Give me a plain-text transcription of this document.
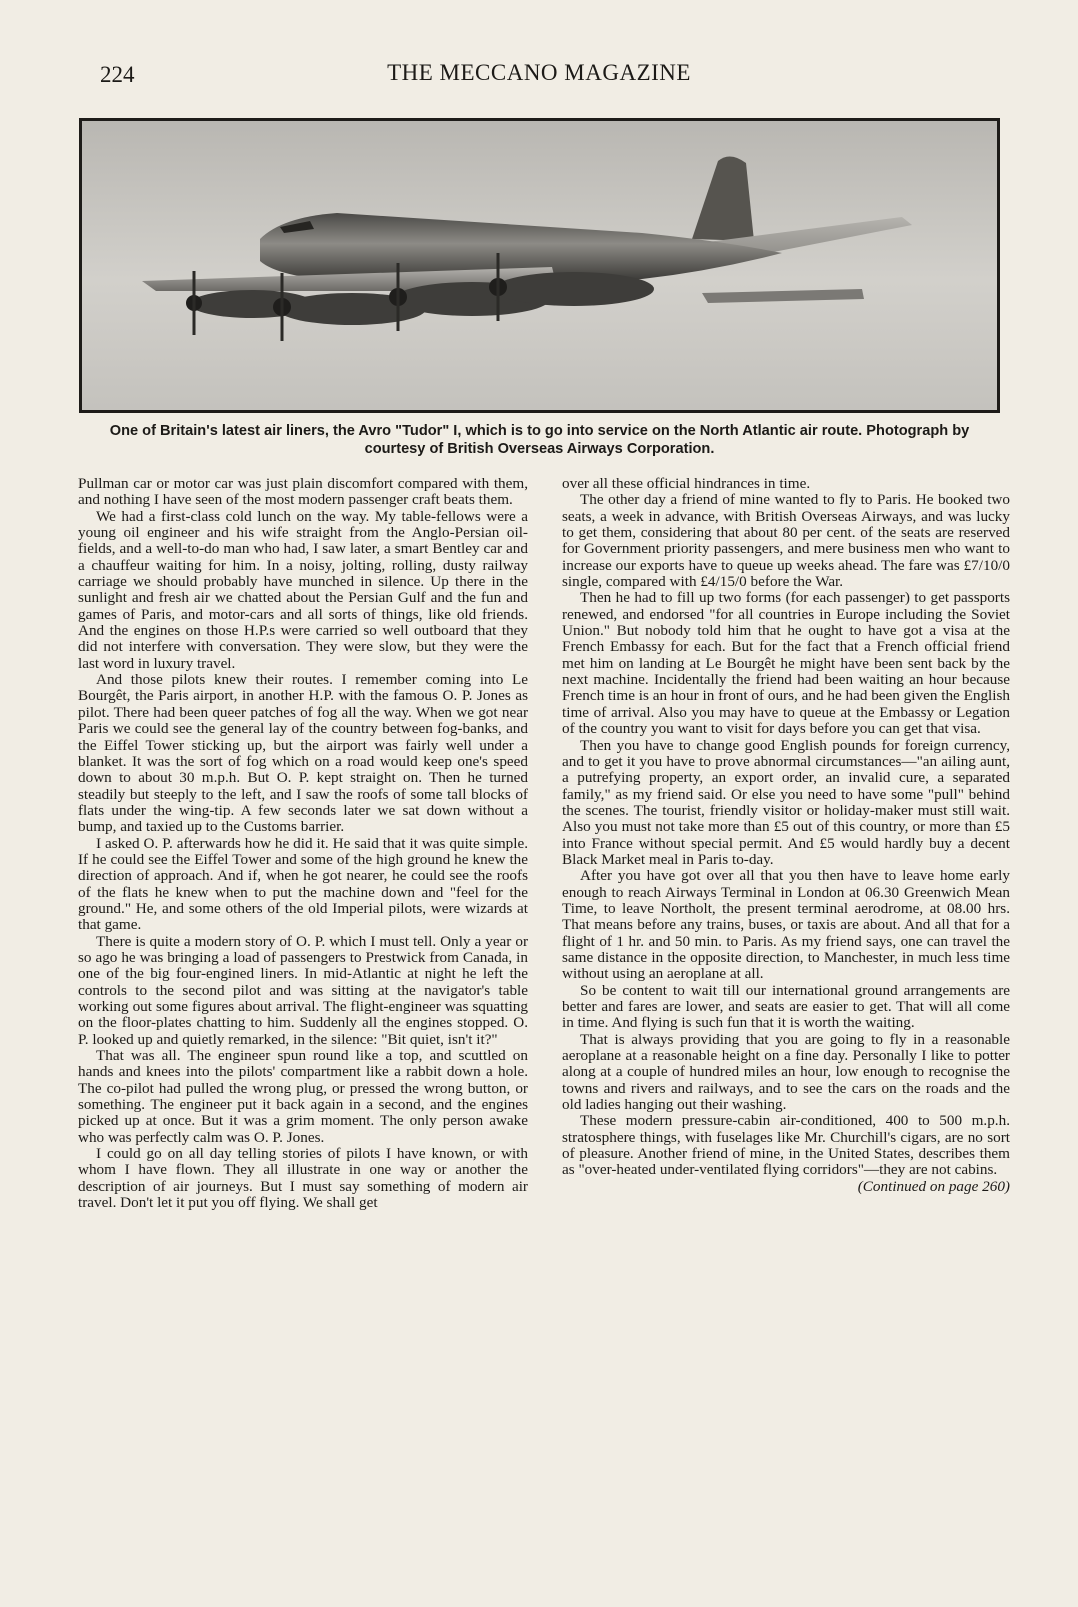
224	THE MECCANO MAGAZINE
One of Britain's latest air liners, the Avro "Tudor" I, which is to go into service on the North Atlantic air route. Photograph by courtesy of British Overseas Airways Corporation.

Pullman car or motor car was just plain discomfort compared with them, and nothing I have seen of the most modern passenger craft beats them.

We had a first-class cold lunch on the way. My table-fellows were a young oil engineer and his wife straight from the Anglo-Persian oil-fields, and a well-to-do man who had, I saw later, a smart Bentley car and a chauffeur waiting for him. In a noisy, jolting, rolling, dusty railway carriage we should probably have munched in silence. Up there in the sunlight and fresh air we chatted about the Persian Gulf and the fun and games of Paris, and motor-cars and all sorts of things, like old friends. And the engines on those H.P.s were carried so well outboard that they did not interfere with conversation. They were slow, but they were the last word in luxury travel.

And those pilots knew their routes. I remember coming into Le Bourgêt, the Paris airport, in another H.P. with the famous O. P. Jones as pilot. There had been queer patches of fog all the way. When we got near Paris we could see the general lay of the country between fog-banks, and the Eiffel Tower sticking up, but the airport was fairly well under a blanket. It was the sort of fog which on a road would keep one's speed down to about 30 m.p.h. But O. P. kept straight on. Then he turned steadily but steeply to the left, and I saw the roofs of some tall blocks of flats under the wing-tip. A few seconds later we sat down without a bump, and taxied up to the Customs barrier.

I asked O. P. afterwards how he did it. He said that it was quite simple. If he could see the Eiffel Tower and some of the high ground he knew the direction of approach. And if, when he got nearer, he could see the roofs of the flats he knew when to put the machine down and "feel for the ground." He, and some others of the old Imperial pilots, were wizards at that game.

There is quite a modern story of O. P. which I must tell. Only a year or so ago he was bringing a load of passengers to Prestwick from Canada, in one of the big four-engined liners. In mid-Atlantic at night he left the controls to the second pilot and was sitting at the navigator's table working out some figures about arrival. The flight-engineer was squatting on the floor-plates chatting to him. Suddenly all the engines stopped. O. P. looked up and quietly remarked, in the silence: "Bit quiet, isn't it?"

That was all. The engineer spun round like a top, and scuttled on hands and knees into the pilots' compartment like a rabbit down a hole. The co-pilot had pulled the wrong plug, or pressed the wrong button, or something. The engineer put it back again in a second, and the engines picked up at once. But it was a grim moment. The only person awake who was perfectly calm was O. P. Jones.

I could go on all day telling stories of pilots I have known, or with whom I have flown. They all illustrate in one way or another the description of air journeys. But I must say something of modern air travel. Don't let it put you off flying. We shall get

over all these official hindrances in time.

The other day a friend of mine wanted to fly to Paris. He booked two seats, a week in advance, with British Overseas Airways, and was lucky to get them, considering that about 80 per cent. of the seats are reserved for Government priority passengers, and mere business men who want to increase our exports have to queue up weeks ahead. The fare was £7/10/0 single, compared with £4/15/0 before the War.

Then he had to fill up two forms (for each passenger) to get passports renewed, and endorsed "for all countries in Europe including the Soviet Union." But nobody told him that he ought to have got a visa at the French Embassy for each. But for the fact that a French official friend met him on landing at Le Bourgêt he might have been sent back by the next machine. Incidentally the friend had been waiting an hour because French time is an hour in front of ours, and he had been given the English time of arrival. Also you may have to queue at the Embassy or Legation of the country you want to visit for days before you can get that visa.

Then you have to change good English pounds for foreign currency, and to get it you have to prove abnormal circumstances—"an ailing aunt, a putrefying property, an export order, an invalid cure, a separated family," as my friend said. Or else you need to have some "pull" behind the scenes. The tourist, friendly visitor or holiday-maker must still wait. Also you must not take more than £5 out of this country, or more than £5 into France without special permit. And £5 would hardly buy a decent Black Market meal in Paris to-day.

After you have got over all that you then have to leave home early enough to reach Airways Terminal in London at 06.30 Greenwich Mean Time, to leave Northolt, the present terminal aerodrome, at 08.00 hrs. That means before any trains, buses, or taxis are about. And all that for a flight of 1 hr. and 50 min. to Paris. As my friend says, one can travel the same distance in the opposite direction, to Manchester, in much less time without using an aeroplane at all.

So be content to wait till our international ground arrangements are better and fares are lower, and seats are easier to get. That will all come in time. And flying is such fun that it is worth the waiting.

That is always providing that you are going to fly in a reasonable aeroplane at a reasonable height on a fine day. Personally I like to potter along at a couple of hundred miles an hour, low enough to recognise the towns and rivers and railways, and to see the cars on the roads and the old ladies hanging out their washing.

These modern pressure-cabin air-conditioned, 400 to 500 m.p.h. stratosphere things, with fuselages like Mr. Churchill's cigars, are no sort of pleasure. Another friend of mine, in the United States, describes them as "over-heated under-ventilated flying corridors"—they are not cabins.
(Continued on page 260)
